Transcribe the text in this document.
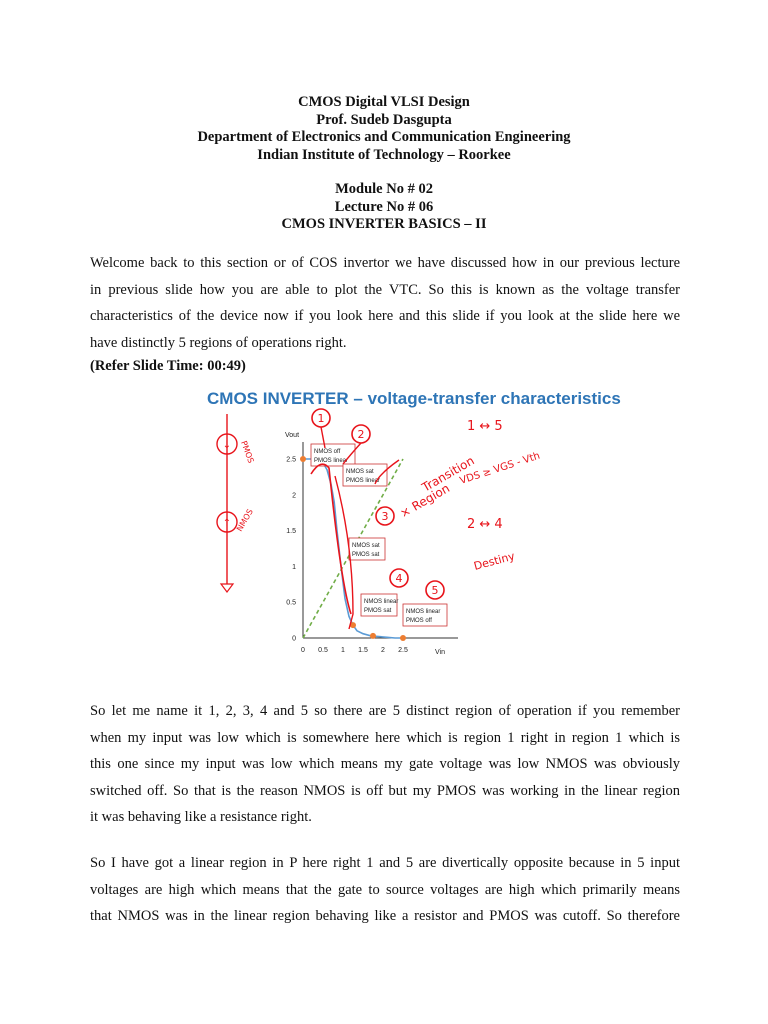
CMOS Digital VLSI Design
Prof. Sudeb Dasgupta
Department of Electronics and Communication Engineering
Indian Institute of Technology – Roorkee
Module No # 02
Lecture No # 06
CMOS INVERTER BASICS – II
Welcome back to this section or of COS invertor we have discussed how in our previous lecture
in previous slide how you are able to plot the VTC. So this is known as the voltage transfer
characteristics of the device now if you look here and this slide if you look at the slide here we
have distinctly 5 regions of operations right.
(Refer Slide Time: 00:49)
CMOS INVERTER – voltage-transfer characteristics
Vout
Vin
0
0.5
1
1.5
2
2.5
0 0.5 1 1.5 2 2.5
NMOS off
PMOS linear
NMOS sat
PMOS linear
NMOS sat
PMOS sat
NMOS linear
PMOS sat NMOS linear
PMOS off
1
2
3
4
5
↓ PMOS
↑ NMOS
Transition
× Region
1 ↔ 5
2 ↔ 4
VDS ≥ VGS - Vth
Destiny
So let me name it 1, 2, 3, 4 and 5 so there are 5 distinct region of operation if you remember
when my input was low which is somewhere here which is region 1 right in region 1 which is
this one since my input was low which means my gate voltage was low NMOS was obviously
switched off. So that is the reason NMOS is off but my PMOS was working in the linear region
it was behaving like a resistance right.
So I have got a linear region in P here right 1 and 5 are divertically opposite because in 5 input
voltages are high which means that the gate to source voltages are high which primarily means
that NMOS was in the linear region behaving like a resistor and PMOS was cutoff. So therefore
